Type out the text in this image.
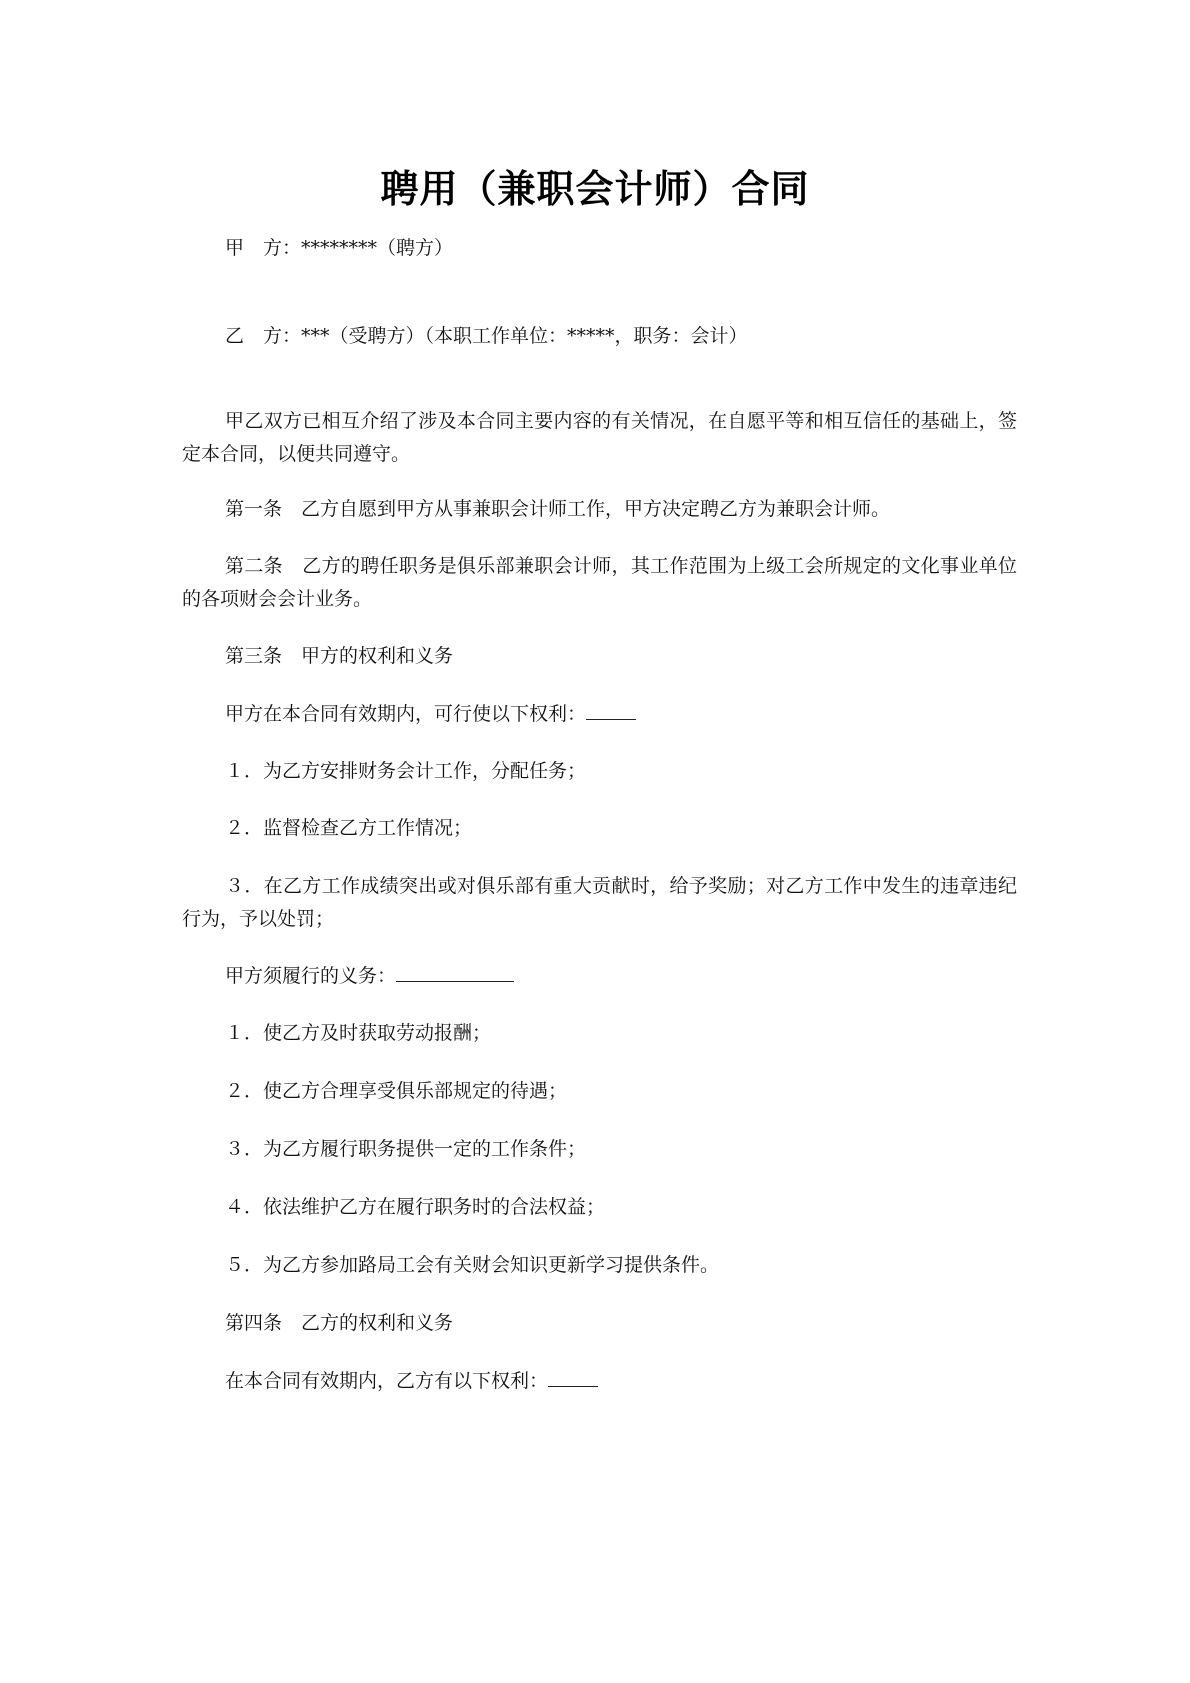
聘用（兼职会计师）合同
甲　方：********（聘方）
乙　方：***（受聘方）（本职工作单位：*****，职务：会计）
甲乙双方已相互介绍了涉及本合同主要内容的有关情况，在自愿平等和相互信任的基础上，签定本合同，以便共同遵守。
第一条　乙方自愿到甲方从事兼职会计师工作，甲方决定聘乙方为兼职会计师。
第二条　乙方的聘任职务是俱乐部兼职会计师，其工作范围为上级工会所规定的文化事业单位的各项财会会计业务。
第三条　甲方的权利和义务
甲方在本合同有效期内，可行使以下权利：
１．为乙方安排财务会计工作，分配任务；
２．监督检查乙方工作情况；
３．在乙方工作成绩突出或对俱乐部有重大贡献时，给予奖励；对乙方工作中发生的违章违纪行为，予以处罚；
甲方须履行的义务：
１．使乙方及时获取劳动报酬；
２．使乙方合理享受俱乐部规定的待遇；
３．为乙方履行职务提供一定的工作条件；
４．依法维护乙方在履行职务时的合法权益；
５．为乙方参加路局工会有关财会知识更新学习提供条件。
第四条　乙方的权利和义务
在本合同有效期内，乙方有以下权利：
